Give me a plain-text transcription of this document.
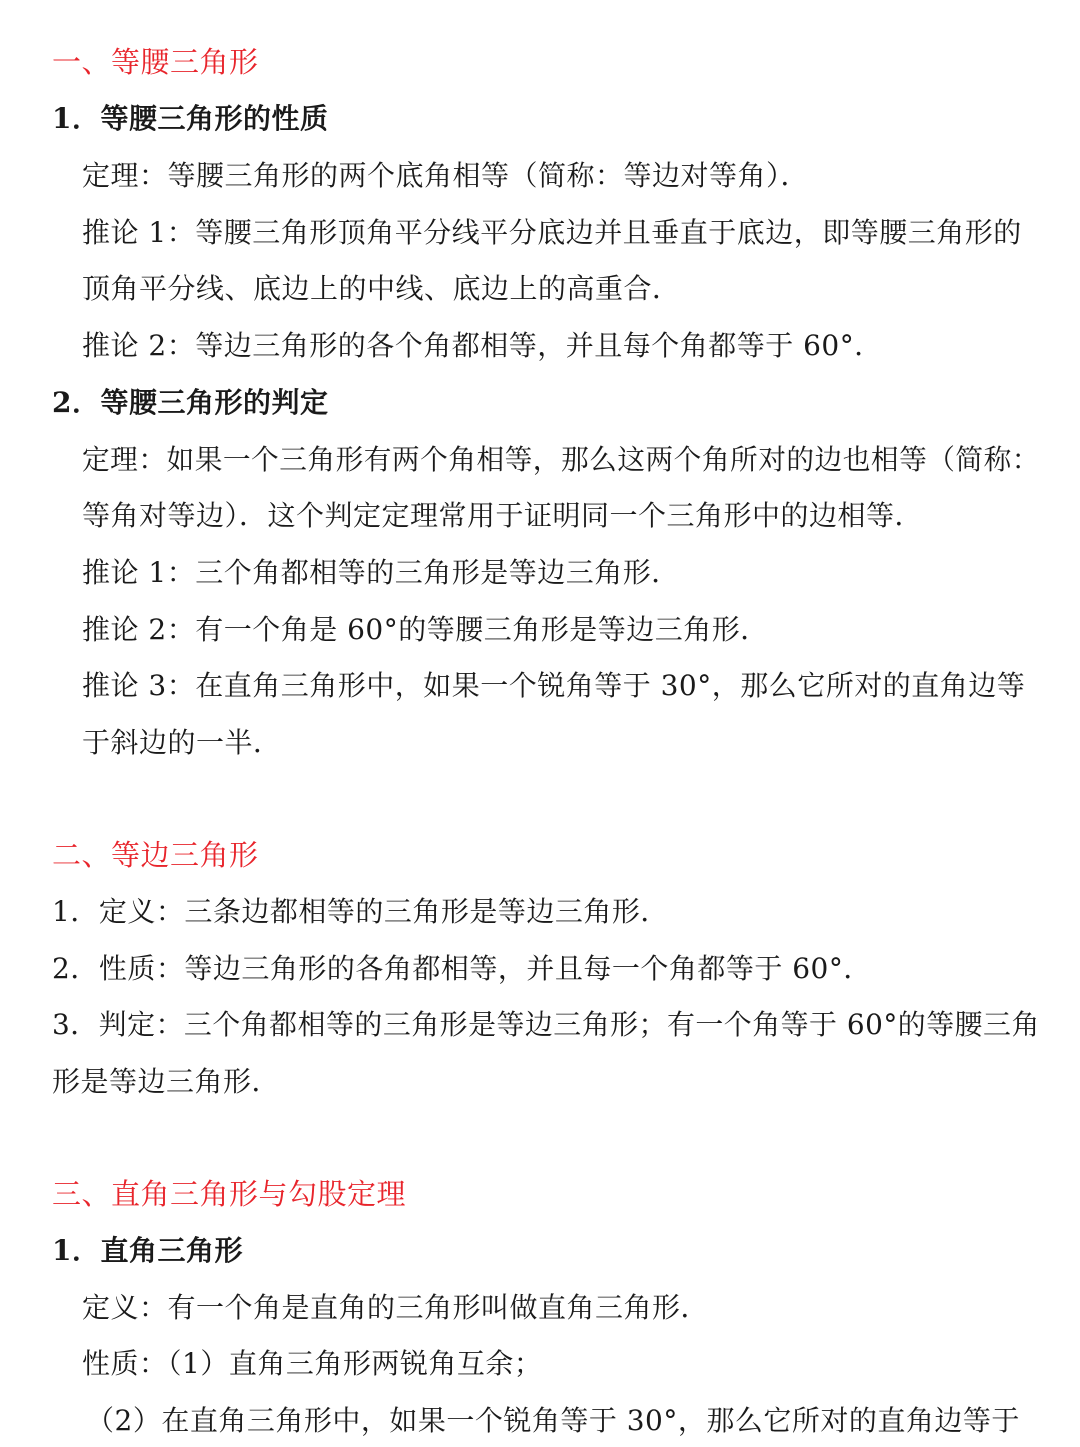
一、等腰三角形
1．等腰三角形的性质
定理：等腰三角形的两个底角相等（简称：等边对等角）．
推论 1：等腰三角形顶角平分线平分底边并且垂直于底边，即等腰三角形的
顶角平分线、底边上的中线、底边上的高重合．
推论 2：等边三角形的各个角都相等，并且每个角都等于 60°．
2．等腰三角形的判定
定理：如果一个三角形有两个角相等，那么这两个角所对的边也相等（简称：
等角对等边）．这个判定定理常用于证明同一个三角形中的边相等．
推论 1：三个角都相等的三角形是等边三角形．
推论 2：有一个角是 60°的等腰三角形是等边三角形．
推论 3：在直角三角形中，如果一个锐角等于 30°，那么它所对的直角边等
于斜边的一半．
二、等边三角形
1．定义：三条边都相等的三角形是等边三角形．
2．性质：等边三角形的各角都相等，并且每一个角都等于 60°．
3．判定：三个角都相等的三角形是等边三角形；有一个角等于 60°的等腰三角
形是等边三角形．
三、直角三角形与勾股定理
1．直角三角形
定义：有一个角是直角的三角形叫做直角三角形．
性质：（1）直角三角形两锐角互余；
（2）在直角三角形中，如果一个锐角等于 30°，那么它所对的直角边等于
